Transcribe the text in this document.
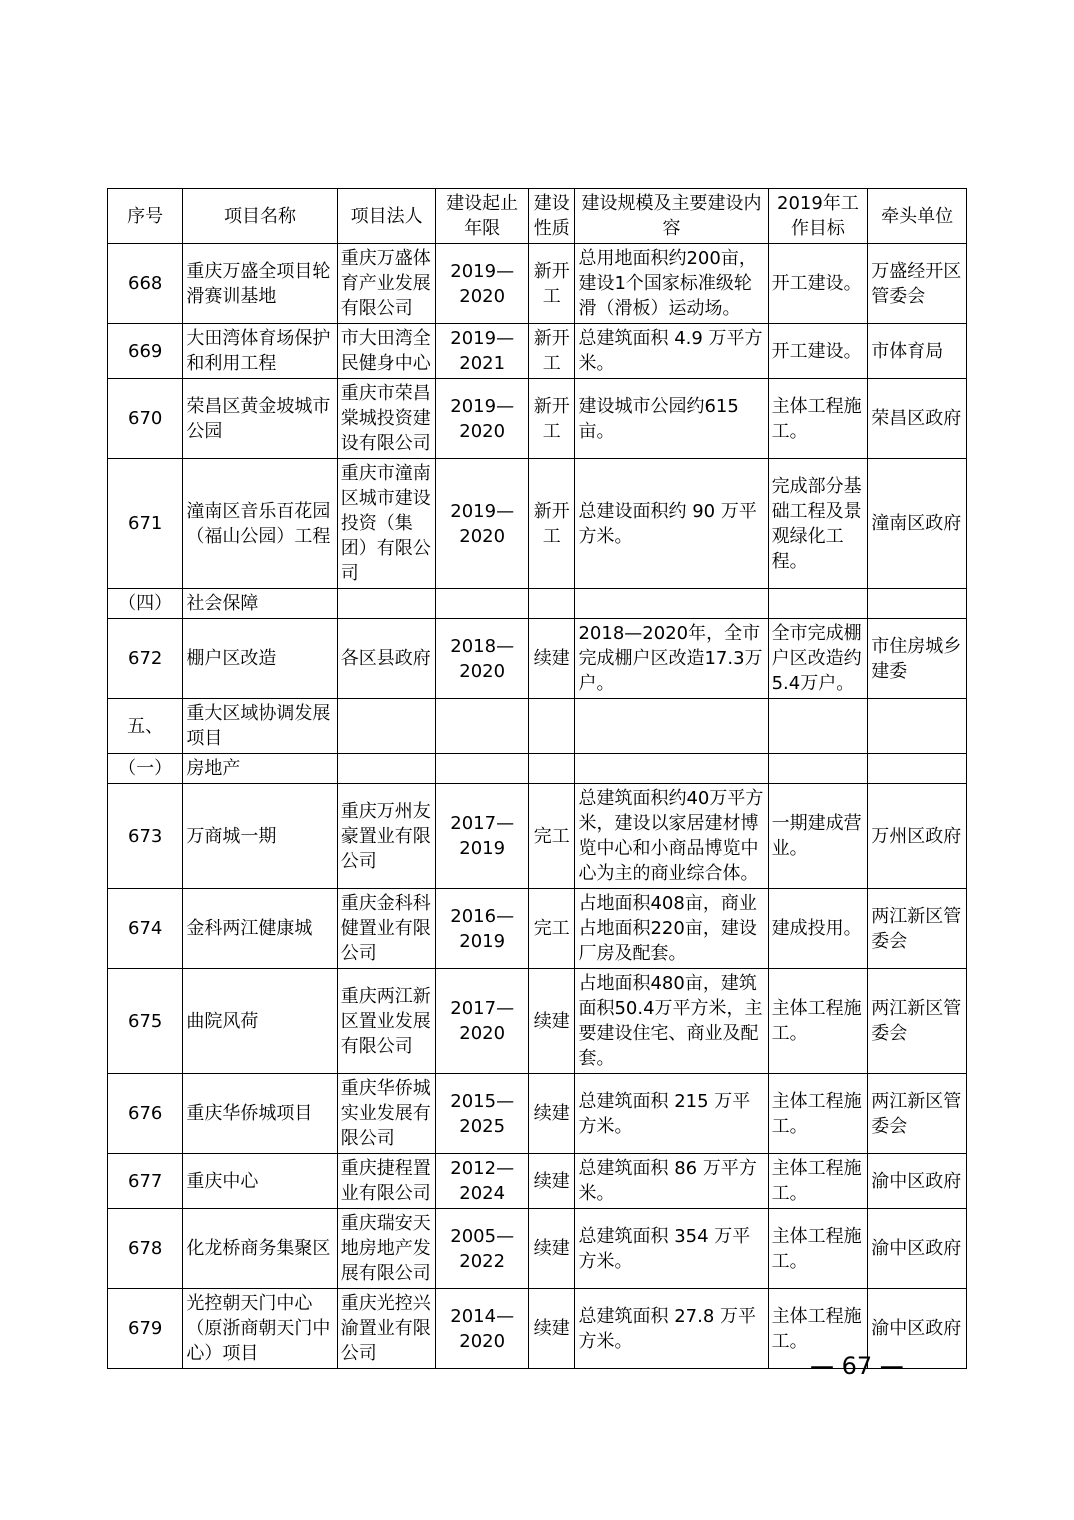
序号	项目名称	项目法人	建设起止年限	建设性质	建设规模及主要建设内容	2019年工作目标	牵头单位
668	重庆万盛全项目轮滑赛训基地	重庆万盛体育产业发展有限公司	2019—2020	新开工	总用地面积约200亩，建设1个国家标准级轮滑（滑板）运动场。	开工建设。	万盛经开区管委会
669	大田湾体育场保护和利用工程	市大田湾全民健身中心	2019—2021	新开工	总建筑面积 4.9 万平方米。	开工建设。	市体育局
670	荣昌区黄金坡城市公园	重庆市荣昌棠城投资建设有限公司	2019—2020	新开工	建设城市公园约615亩。	主体工程施工。	荣昌区政府
671	潼南区音乐百花园（福山公园）工程	重庆市潼南区城市建设投资（集团）有限公司	2019—2020	新开工	总建设面积约 90 万平方米。	完成部分基础工程及景观绿化工程。	潼南区政府
（四）	社会保障						
672	棚户区改造	各区县政府	2018—2020	续建	2018—2020年，全市完成棚户区改造17.3万户。	全市完成棚户区改造约5.4万户。	市住房城乡建委
五、	重大区域协调发展项目						
（一）	房地产						
673	万商城一期	重庆万州友豪置业有限公司	2017—2019	完工	总建筑面积约40万平方米，建设以家居建材博览中心和小商品博览中心为主的商业综合体。	一期建成营业。	万州区政府
674	金科两江健康城	重庆金科科健置业有限公司	2016—2019	完工	占地面积408亩，商业占地面积220亩，建设厂房及配套。	建成投用。	两江新区管委会
675	曲院风荷	重庆两江新区置业发展有限公司	2017—2020	续建	占地面积480亩，建筑面积50.4万平方米，主要建设住宅、商业及配套。	主体工程施工。	两江新区管委会
676	重庆华侨城项目	重庆华侨城实业发展有限公司	2015—2025	续建	总建筑面积 215 万平方米。	主体工程施工。	两江新区管委会
677	重庆中心	重庆捷程置业有限公司	2012—2024	续建	总建筑面积 86 万平方米。	主体工程施工。	渝中区政府
678	化龙桥商务集聚区	重庆瑞安天地房地产发展有限公司	2005—2022	续建	总建筑面积 354 万平方米。	主体工程施工。	渝中区政府
679	光控朝天门中心（原浙商朝天门中心）项目	重庆光控兴渝置业有限公司	2014—2020	续建	总建筑面积 27.8 万平方米。	主体工程施工。	渝中区政府
— 67 —
